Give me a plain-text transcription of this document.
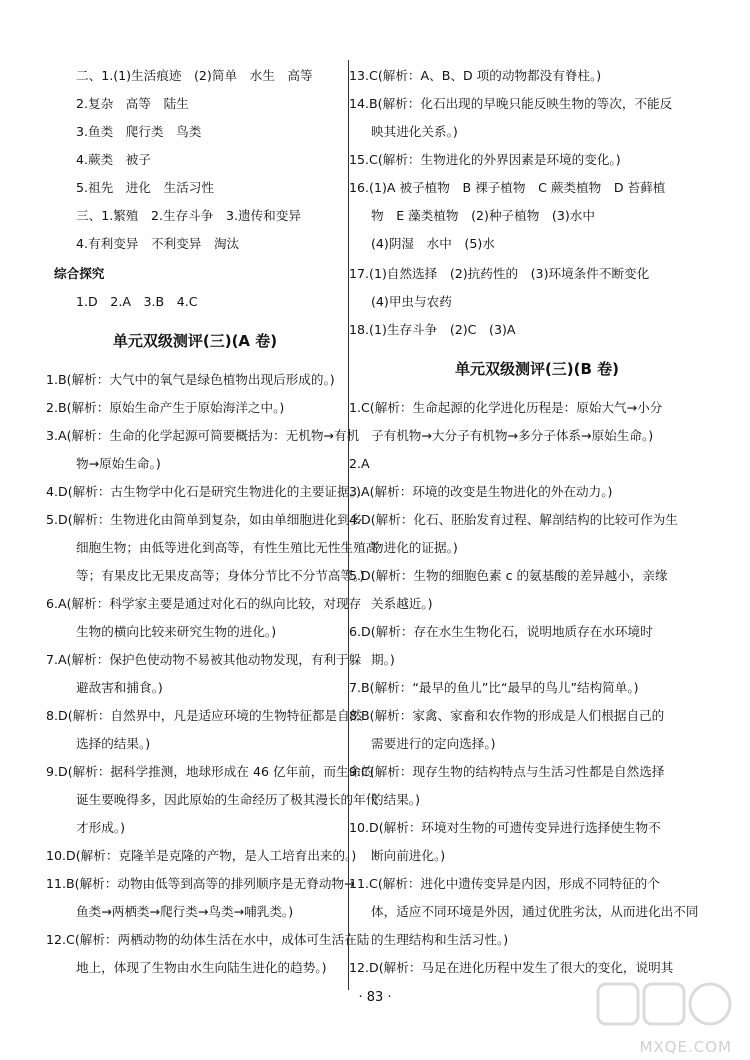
二、1.(1)生活痕迹　(2)简单　水生　高等
2.复杂　高等　陆生
3.鱼类　爬行类　鸟类
4.蕨类　被子
5.祖先　进化　生活习性
三、1.繁殖　2.生存斗争　3.遗传和变异
4.有利变异　不利变异　淘汰
综合探究
1.D　2.A　3.B　4.C
1.B(解析：大气中的氧气是绿色植物出现后形成的。)
2.B(解析：原始生命产生于原始海洋之中。)
3.A(解析：生命的化学起源可简要概括为：无机物→有机
物→原始生命。)
4.D(解析：古生物学中化石是研究生物进化的主要证据。)
5.D(解析：生物进化由简单到复杂，如由单细胞进化到多
细胞生物；由低等进化到高等，有性生殖比无性生殖高
等；有果皮比无果皮高等；身体分节比不分节高等。)
6.A(解析：科学家主要是通过对化石的纵向比较，对现存
生物的横向比较来研究生物的进化。)
7.A(解析：保护色使动物不易被其他动物发现，有利于躲
避敌害和捕食。)
8.D(解析：自然界中，凡是适应环境的生物特征都是自然
选择的结果。)
9.D(解析：据科学推测，地球形成在 46 亿年前，而生命的
诞生要晚得多，因此原始的生命经历了极其漫长的年代
才形成。)
10.D(解析：克隆羊是克隆的产物，是人工培育出来的。)
11.B(解析：动物由低等到高等的排列顺序是无脊动物→
鱼类→两栖类→爬行类→鸟类→哺乳类。)
12.C(解析：两栖动物的幼体生活在水中，成体可生活在陆
地上，体现了生物由水生向陆生进化的趋势。)
单元双级测评(三)(A 卷)
13.C(解析：A、B、D 项的动物都没有脊柱。)
14.B(解析：化石出现的早晚只能反映生物的等次，不能反
映其进化关系。)
15.C(解析：生物进化的外界因素是环境的变化。)
16.(1)A 被子植物　B 裸子植物　C 蕨类植物　D 苔藓植
物　E 藻类植物　(2)种子植物　(3)水中
(4)阴湿　水中　(5)水
17.(1)自然选择　(2)抗药性的　(3)环境条件不断变化
(4)甲虫与农药
18.(1)生存斗争　(2)C　(3)A
1.C(解析：生命起源的化学进化历程是：原始大气→小分
子有机物→大分子有机物→多分子体系→原始生命。)
2.A
3.A(解析：环境的改变是生物进化的外在动力。)
4.D(解析：化石、胚胎发育过程、解剖结构的比较可作为生
物进化的证据。)
5.D(解析：生物的细胞色素 c 的氨基酸的差异越小，亲缘
关系越近。)
6.D(解析：存在水生生物化石，说明地质存在水环境时
期。)
7.B(解析：“最早的鱼儿”比“最早的鸟儿”结构简单。)
8.B(解析：家禽、家畜和农作物的形成是人们根据自己的
需要进行的定向选择。)
9.C(解析：现存生物的结构特点与生活习性都是自然选择
的结果。)
10.D(解析：环境对生物的可遗传变异进行选择使生物不
断向前进化。)
11.C(解析：进化中遗传变异是内因，形成不同特征的个
体，适应不同环境是外因，通过优胜劣汰，从而进化出不同
的生理结构和生活习性。)
12.D(解析：马足在进化历程中发生了很大的变化，说明其
单元双级测评(三)(B 卷)
· 83 ·
MXQE.COM
